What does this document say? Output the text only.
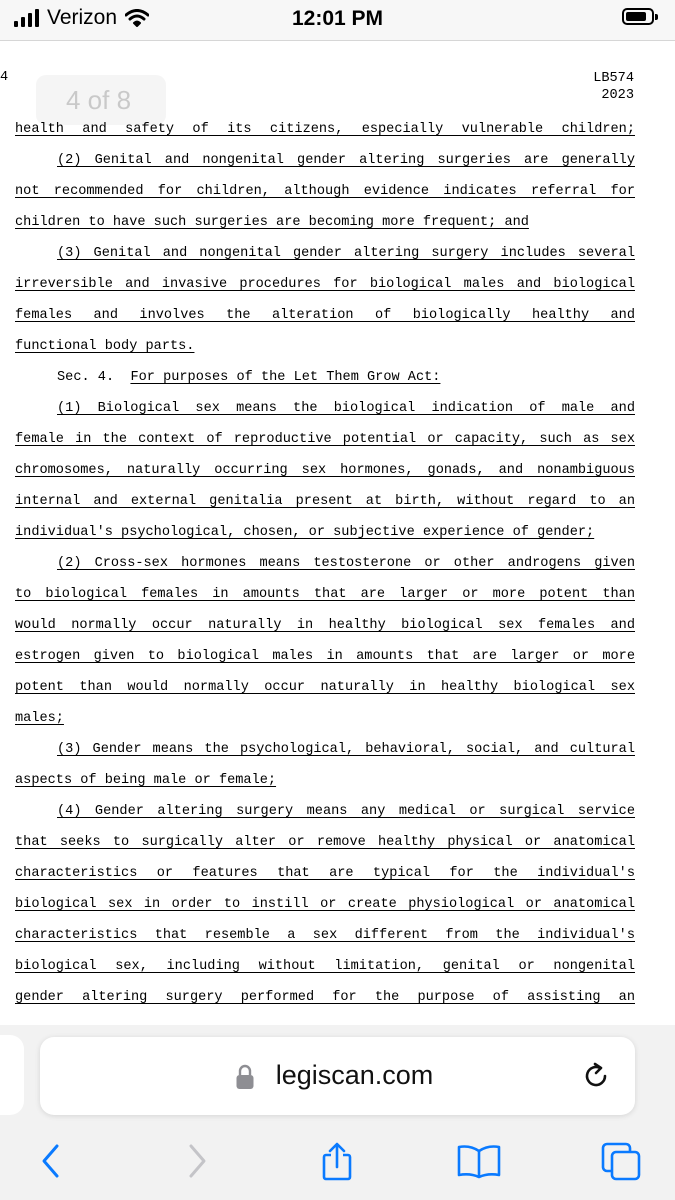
Verizon	12:01 PM
4	LB574
2023
4 of 8
health and safety of its citizens, especially vulnerable children;
(2) Genital and nongenital gender altering surgeries are generally
not recommended for children, although evidence indicates referral for
children to have such surgeries are becoming more frequent; and
(3) Genital and nongenital gender altering surgery includes several
irreversible and invasive procedures for biological males and biological
females and involves the alteration of biologically healthy and
functional body parts.
Sec. 4. For purposes of the Let Them Grow Act:
(1) Biological sex means the biological indication of male and
female in the context of reproductive potential or capacity, such as sex
chromosomes, naturally occurring sex hormones, gonads, and nonambiguous
internal and external genitalia present at birth, without regard to an
individual's psychological, chosen, or subjective experience of gender;
(2) Cross-sex hormones means testosterone or other androgens given
to biological females in amounts that are larger or more potent than
would normally occur naturally in healthy biological sex females and
estrogen given to biological males in amounts that are larger or more
potent than would normally occur naturally in healthy biological sex
males;
(3) Gender means the psychological, behavioral, social, and cultural
aspects of being male or female;
(4) Gender altering surgery means any medical or surgical service
that seeks to surgically alter or remove healthy physical or anatomical
characteristics or features that are typical for the individual's
biological sex in order to instill or create physiological or anatomical
characteristics that resemble a sex different from the individual's
biological sex, including without limitation, genital or nongenital
gender altering surgery performed for the purpose of assisting an
legiscan.com
